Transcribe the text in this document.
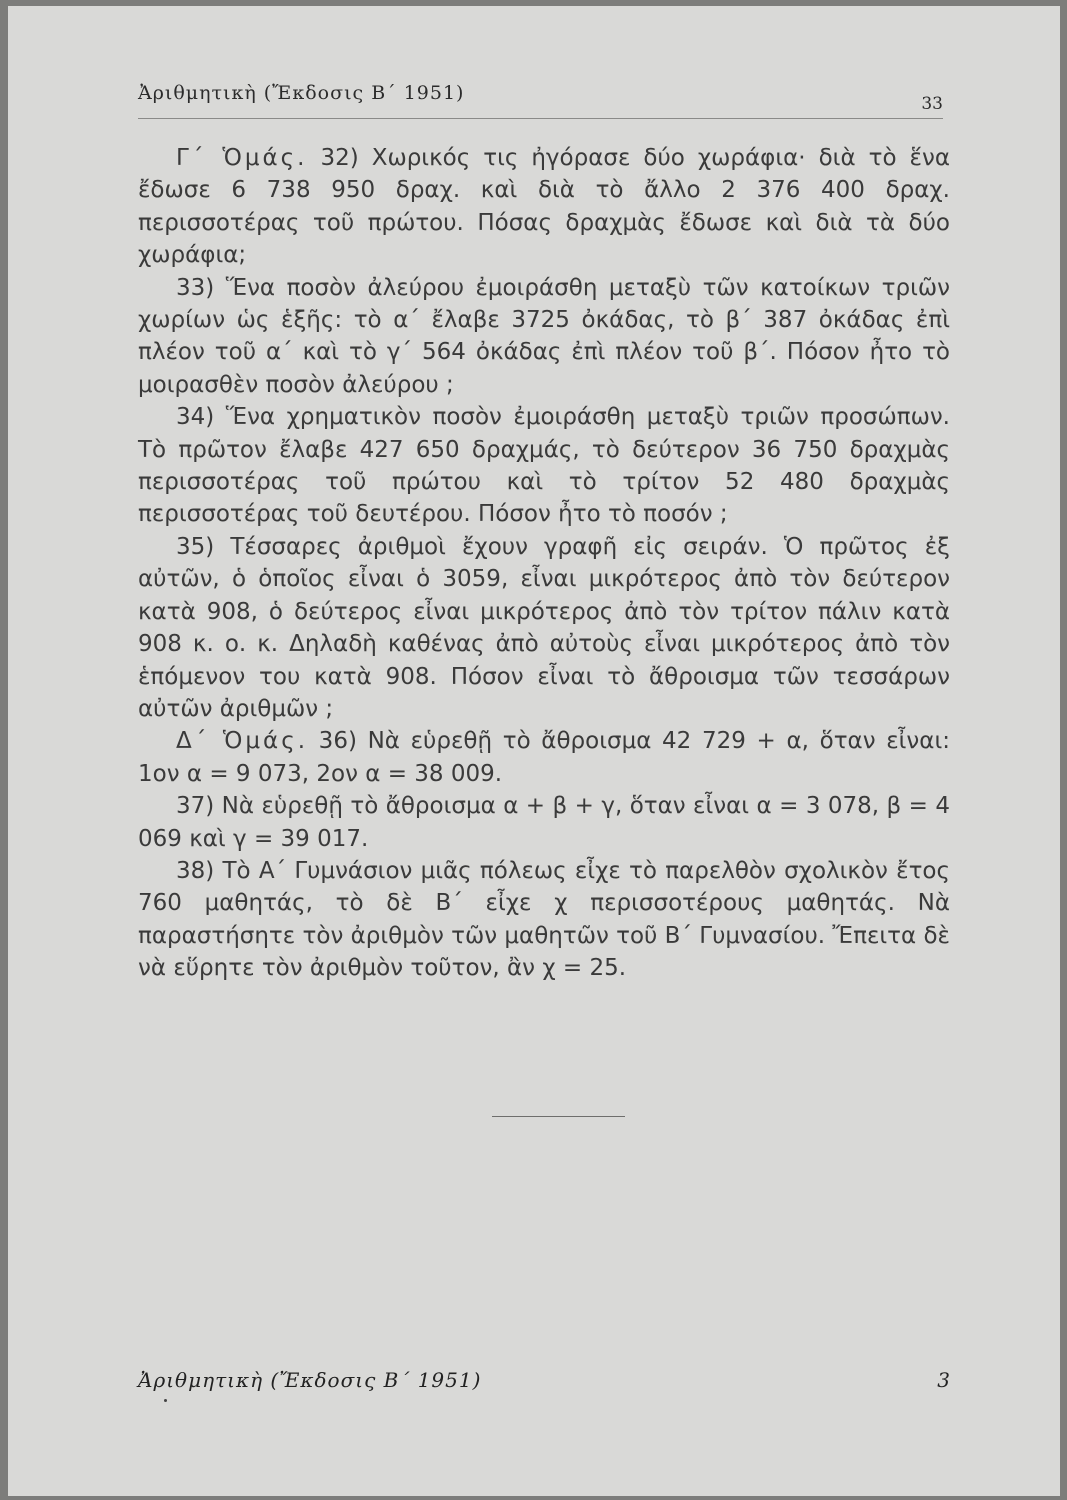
Ἀριθμητικὴ (Ἔκδοσις Β΄ 1951)	33

Γ΄ Ὁμάς. 32) Χωρικός τις ἠγόρασε δύο χωράφια· διὰ τὸ ἕνα ἔδωσε 6 738 950 δραχ. καὶ διὰ τὸ ἄλλο 2 376 400 δραχ. περισσοτέρας τοῦ πρώτου. Πόσας δραχμὰς ἔδωσε καὶ διὰ τὰ δύο χωράφια;

33) Ἕνα ποσὸν ἀλεύρου ἐμοιράσθη μεταξὺ τῶν κατοίκων τριῶν χωρίων ὡς ἑξῆς: τὸ α΄ ἔλαβε 3725 ὀκάδας, τὸ β΄ 387 ὀκάδας ἐπὶ πλέον τοῦ α΄ καὶ τὸ γ΄ 564 ὀκάδας ἐπὶ πλέον τοῦ β΄. Πόσον ἦτο τὸ μοιρασθὲν ποσὸν ἀλεύρου ;

34) Ἕνα χρηματικὸν ποσὸν ἐμοιράσθη μεταξὺ τριῶν προσώπων. Τὸ πρῶτον ἔλαβε 427 650 δραχμάς, τὸ δεύτερον 36 750 δραχμὰς περισσοτέρας τοῦ πρώτου καὶ τὸ τρίτον 52 480 δραχμὰς περισσοτέρας τοῦ δευτέρου. Πόσον ἦτο τὸ ποσόν ;

35) Τέσσαρες ἀριθμοὶ ἔχουν γραφῆ εἰς σειράν. Ὁ πρῶτος ἐξ αὐτῶν, ὁ ὁποῖος εἶναι ὁ 3059, εἶναι μικρότερος ἀπὸ τὸν δεύτερον κατὰ 908, ὁ δεύτερος εἶναι μικρότερος ἀπὸ τὸν τρίτον πάλιν κατὰ 908 κ. ο. κ. Δηλαδὴ καθένας ἀπὸ αὐτοὺς εἶναι μικρότερος ἀπὸ τὸν ἑπόμενον του κατὰ 908. Πόσον εἶναι τὸ ἄθροισμα τῶν τεσσάρων αὐτῶν ἀριθμῶν ;

Δ΄ Ὁμάς. 36) Νὰ εὑρεθῇ τὸ ἄθροισμα 42 729 + α, ὅταν εἶναι: 1ον α = 9 073, 2ον α = 38 009.

37) Νὰ εὑρεθῇ τὸ ἄθροισμα α + β + γ, ὅταν εἶναι α = 3 078, β = 4 069 καὶ γ = 39 017.

38) Τὸ Α΄ Γυμνάσιον μιᾶς πόλεως εἶχε τὸ παρελθὸν σχολικὸν ἔτος 760 μαθητάς, τὸ δὲ Β΄ εἶχε χ περισσοτέρους μαθητάς. Νὰ παραστήσητε τὸν ἀριθμὸν τῶν μαθητῶν τοῦ Β΄ Γυμνασίου. Ἔπειτα δὲ νὰ εὕρητε τὸν ἀριθμὸν τοῦτον, ἂν χ = 25.

Ἀριθμητικὴ (Ἔκδοσις Β΄ 1951)	3
